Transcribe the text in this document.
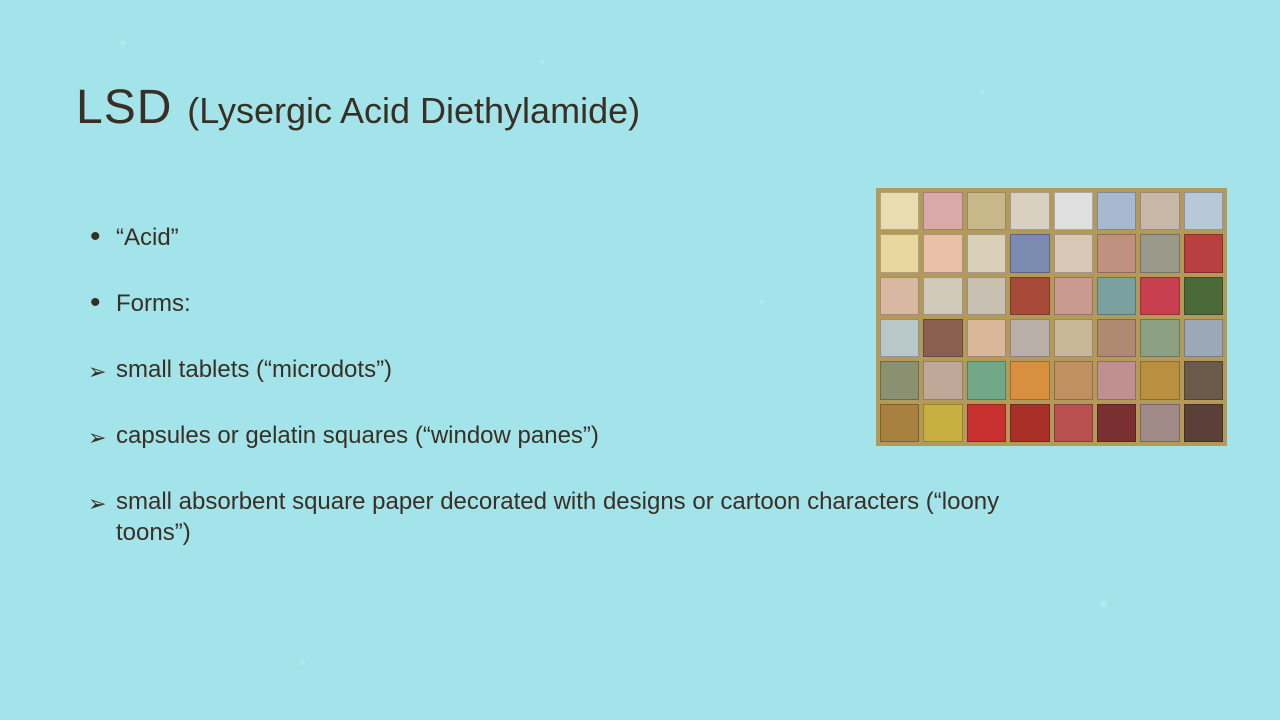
LSD (Lysergic Acid Diethylamide)
• “Acid”
• Forms:
➢ small tablets (“microdots”)
➢ capsules or gelatin squares (“window panes”)
➢ small absorbent square paper decorated with designs or cartoon characters (“loony toons”)
